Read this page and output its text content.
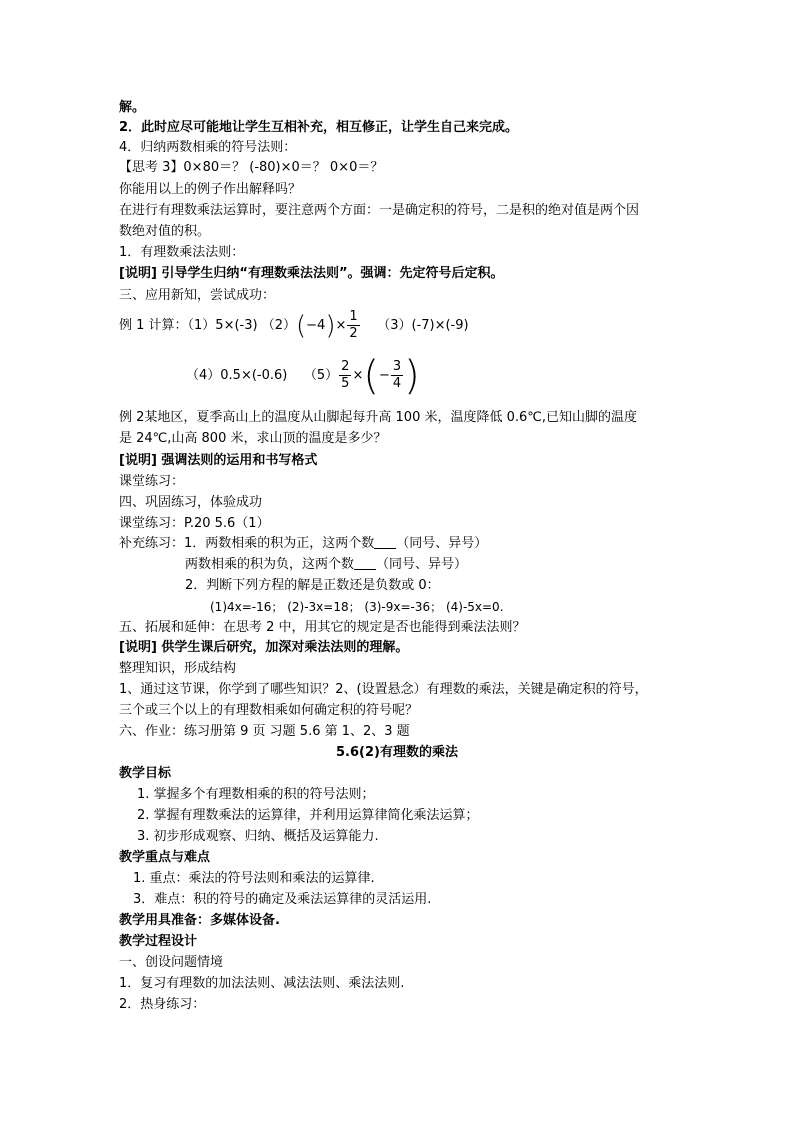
解。
2．此时应尽可能地让学生互相补充，相互修正，让学生自己来完成。
4．归纳两数相乘的符号法则：
【思考 3】0×80＝？ (-80)×0＝？ 0×0＝？
你能用以上的例子作出解释吗？
在进行有理数乘法运算时，要注意两个方面：一是确定积的符号，二是积的绝对值是两个因
数绝对值的积。
1．有理数乘法法则：
[说明] 引导学生归纳“有理数乘法法则”。强调：先定符号后定积。
三、应用新知，尝试成功：
例 1 计算：（1）5×(-3) $(2)(-4)\times \frac{1}{2} (3)(-7)\times(-9)$
（4）0.5×(-0.6) $(5) \frac{2}{5}$ ×(− $\frac{3}{4}$ )
例 2某地区，夏季高山上的温度从山脚起每升高 100 米，温度降低 0.6℃,已知山脚的温度
是 24℃,山高 800 米，求山顶的温度是多少？
[说明] 强调法则的运用和书写格式
课堂练习：
四、巩固练习，体验成功
课堂练习：P.20 5.6（1）
补充练习：1．两数相乘的积为正，这两个数 （同号、异号）
两数相乘的积为负，这两个数 （同号、异号）
2．判断下列方程的解是正数还是负数或 0：
(1)4x=-16； (2)-3x=18； (3)-9x=-36； (4)-5x=0.
五、拓展和延伸：在思考 2 中，用其它的规定是否也能得到乘法法则？
[说明] 供学生课后研究，加深对乘法法则的理解。
整理知识，形成结构
1、通过这节课，你学到了哪些知识？2、(设置悬念）有理数的乘法，关键是确定积的符号，
三个或三个以上的有理数相乘如何确定积的符号呢？
六、作业：练习册第 9 页 习题 5.6 第 1、2、3 题
5.6(2)有理数的乘法
教学目标
1. 掌握多个有理数相乘的积的符号法则；
2. 掌握有理数乘法的运算律，并利用运算律简化乘法运算；
3. 初步形成观察、归纳、概括及运算能力.
教学重点与难点
1. 重点：乘法的符号法则和乘法的运算律.
3．难点：积的符号的确定及乘法运算律的灵活运用.
教学用具准备：多媒体设备.
教学过程设计
一、创设问题情境
1．复习有理数的加法法则、减法法则、乘法法则.
2．热身练习：
